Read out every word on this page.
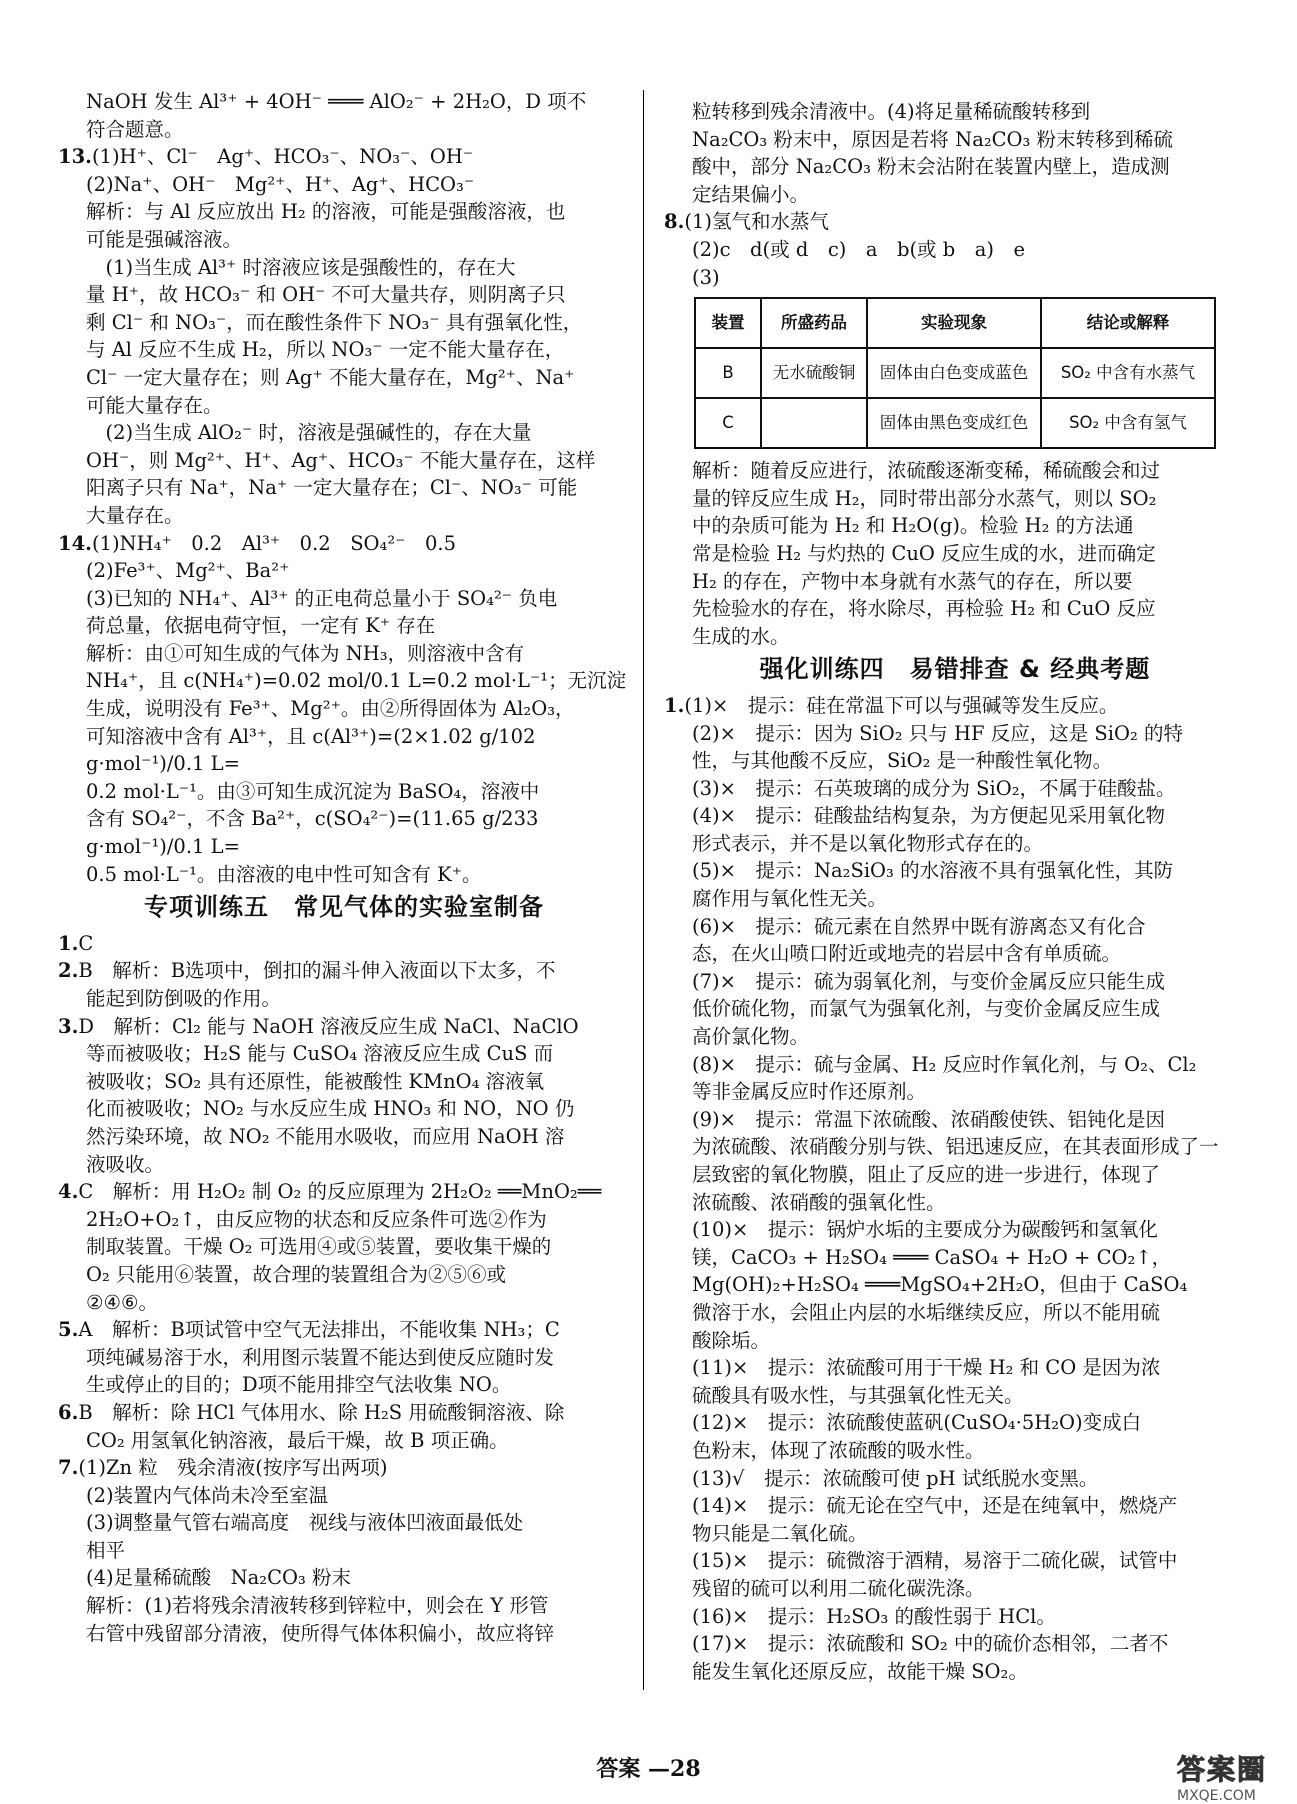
NaOH 发生 Al³⁺ + 4OH⁻ ═══ AlO₂⁻ + 2H₂O，D 项不
符合题意。
13.(1)H⁺、Cl⁻　Ag⁺、HCO₃⁻、NO₃⁻、OH⁻
(2)Na⁺、OH⁻　Mg²⁺、H⁺、Ag⁺、HCO₃⁻
解析：与 Al 反应放出 H₂ 的溶液，可能是强酸溶液，也
可能是强碱溶液。
　(1)当生成 Al³⁺ 时溶液应该是强酸性的，存在大
量 H⁺，故 HCO₃⁻ 和 OH⁻ 不可大量共存，则阴离子只
剩 Cl⁻ 和 NO₃⁻，而在酸性条件下 NO₃⁻ 具有强氧化性，
与 Al 反应不生成 H₂，所以 NO₃⁻ 一定不能大量存在，
Cl⁻ 一定大量存在；则 Ag⁺ 不能大量存在，Mg²⁺、Na⁺
可能大量存在。
　(2)当生成 AlO₂⁻ 时，溶液是强碱性的，存在大量
OH⁻，则 Mg²⁺、H⁺、Ag⁺、HCO₃⁻ 不能大量存在，这样
阳离子只有 Na⁺，Na⁺ 一定大量存在；Cl⁻、NO₃⁻ 可能
大量存在。
14.(1)NH₄⁺　0.2　Al³⁺　0.2　SO₄²⁻　0.5
(2)Fe³⁺、Mg²⁺、Ba²⁺
(3)已知的 NH₄⁺、Al³⁺ 的正电荷总量小于 SO₄²⁻ 负电
荷总量，依据电荷守恒，一定有 K⁺ 存在
解析：由①可知生成的气体为 NH₃，则溶液中含有
NH₄⁺，且 c(NH₄⁺)=0.02 mol/0.1 L=0.2 mol·L⁻¹；无沉淀
生成，说明没有 Fe³⁺、Mg²⁺。由②所得固体为 Al₂O₃，
可知溶液中含有 Al³⁺，且 c(Al³⁺)=(2×1.02 g/102 g·mol⁻¹)/0.1 L=
0.2 mol·L⁻¹。由③可知生成沉淀为 BaSO₄，溶液中
含有 SO₄²⁻，不含 Ba²⁺，c(SO₄²⁻)=(11.65 g/233 g·mol⁻¹)/0.1 L=
0.5 mol·L⁻¹。由溶液的电中性可知含有 K⁺。
专项训练五　常见气体的实验室制备
1.C
2.B　解析：B选项中，倒扣的漏斗伸入液面以下太多，不
能起到防倒吸的作用。
3.D　解析：Cl₂ 能与 NaOH 溶液反应生成 NaCl、NaClO
等而被吸收；H₂S 能与 CuSO₄ 溶液反应生成 CuS 而
被吸收；SO₂ 具有还原性，能被酸性 KMnO₄ 溶液氧
化而被吸收；NO₂ 与水反应生成 HNO₃ 和 NO，NO 仍
然污染环境，故 NO₂ 不能用水吸收，而应用 NaOH 溶
液吸收。
4.C　解析：用 H₂O₂ 制 O₂ 的反应原理为 2H₂O₂ ══MnO₂══
2H₂O+O₂↑，由反应物的状态和反应条件可选②作为
制取装置。干燥 O₂ 可选用④或⑤装置，要收集干燥的
O₂ 只能用⑥装置，故合理的装置组合为②⑤⑥或
②④⑥。
5.A　解析：B项试管中空气无法排出，不能收集 NH₃；C
项纯碱易溶于水，利用图示装置不能达到使反应随时发
生或停止的目的；D项不能用排空气法收集 NO。
6.B　解析：除 HCl 气体用水、除 H₂S 用硫酸铜溶液、除
CO₂ 用氢氧化钠溶液，最后干燥，故 B 项正确。
7.(1)Zn 粒　残余清液(按序写出两项)
(2)装置内气体尚未冷至室温
(3)调整量气管右端高度　视线与液体凹液面最低处
相平
(4)足量稀硫酸　Na₂CO₃ 粉末
解析：(1)若将残余清液转移到锌粒中，则会在 Y 形管
右管中残留部分清液，使所得气体体积偏小，故应将锌
粒转移到残余清液中。(4)将足量稀硫酸转移到
Na₂CO₃ 粉末中，原因是若将 Na₂CO₃ 粉末转移到稀硫
酸中，部分 Na₂CO₃ 粉末会沾附在装置内壁上，造成测
定结果偏小。
8.(1)氢气和水蒸气
(2)c　d(或 d　c)　a　b(或 b　a)　e
(3)
装置	所盛药品	实验现象	结论或解释
B	无水硫酸铜	固体由白色变成蓝色	SO₂ 中含有水蒸气
C		固体由黑色变成红色	SO₂ 中含有氢气
解析：随着反应进行，浓硫酸逐渐变稀，稀硫酸会和过
量的锌反应生成 H₂，同时带出部分水蒸气，则以 SO₂
中的杂质可能为 H₂ 和 H₂O(g)。检验 H₂ 的方法通
常是检验 H₂ 与灼热的 CuO 反应生成的水，进而确定
H₂ 的存在，产物中本身就有水蒸气的存在，所以要
先检验水的存在，将水除尽，再检验 H₂ 和 CuO 反应
生成的水。
强化训练四　易错排查 & 经典考题
1.(1)×　提示：硅在常温下可以与强碱等发生反应。
(2)×　提示：因为 SiO₂ 只与 HF 反应，这是 SiO₂ 的特
性，与其他酸不反应，SiO₂ 是一种酸性氧化物。
(3)×　提示：石英玻璃的成分为 SiO₂，不属于硅酸盐。
(4)×　提示：硅酸盐结构复杂，为方便起见采用氧化物
形式表示，并不是以氧化物形式存在的。
(5)×　提示：Na₂SiO₃ 的水溶液不具有强氧化性，其防
腐作用与氧化性无关。
(6)×　提示：硫元素在自然界中既有游离态又有化合
态，在火山喷口附近或地壳的岩层中含有单质硫。
(7)×　提示：硫为弱氧化剂，与变价金属反应只能生成
低价硫化物，而氯气为强氧化剂，与变价金属反应生成
高价氯化物。
(8)×　提示：硫与金属、H₂ 反应时作氧化剂，与 O₂、Cl₂
等非金属反应时作还原剂。
(9)×　提示：常温下浓硫酸、浓硝酸使铁、铝钝化是因
为浓硫酸、浓硝酸分别与铁、铝迅速反应，在其表面形成了一
层致密的氧化物膜，阻止了反应的进一步进行，体现了
浓硫酸、浓硝酸的强氧化性。
(10)×　提示：锅炉水垢的主要成分为碳酸钙和氢氧化
镁，CaCO₃ + H₂SO₄ ═══ CaSO₄ + H₂O + CO₂↑，
Mg(OH)₂+H₂SO₄ ═══MgSO₄+2H₂O，但由于 CaSO₄
微溶于水，会阻止内层的水垢继续反应，所以不能用硫
酸除垢。
(11)×　提示：浓硫酸可用于干燥 H₂ 和 CO 是因为浓
硫酸具有吸水性，与其强氧化性无关。
(12)×　提示：浓硫酸使蓝矾(CuSO₄·5H₂O)变成白
色粉末，体现了浓硫酸的吸水性。
(13)√　提示：浓硫酸可使 pH 试纸脱水变黑。
(14)×　提示：硫无论在空气中，还是在纯氧中，燃烧产
物只能是二氧化硫。
(15)×　提示：硫微溶于酒精，易溶于二硫化碳，试管中
残留的硫可以利用二硫化碳洗涤。
(16)×　提示：H₂SO₃ 的酸性弱于 HCl。
(17)×　提示：浓硫酸和 SO₂ 中的硫价态相邻，二者不
能发生氧化还原反应，故能干燥 SO₂。
答案 —28	答案圈
MXQE.COM
